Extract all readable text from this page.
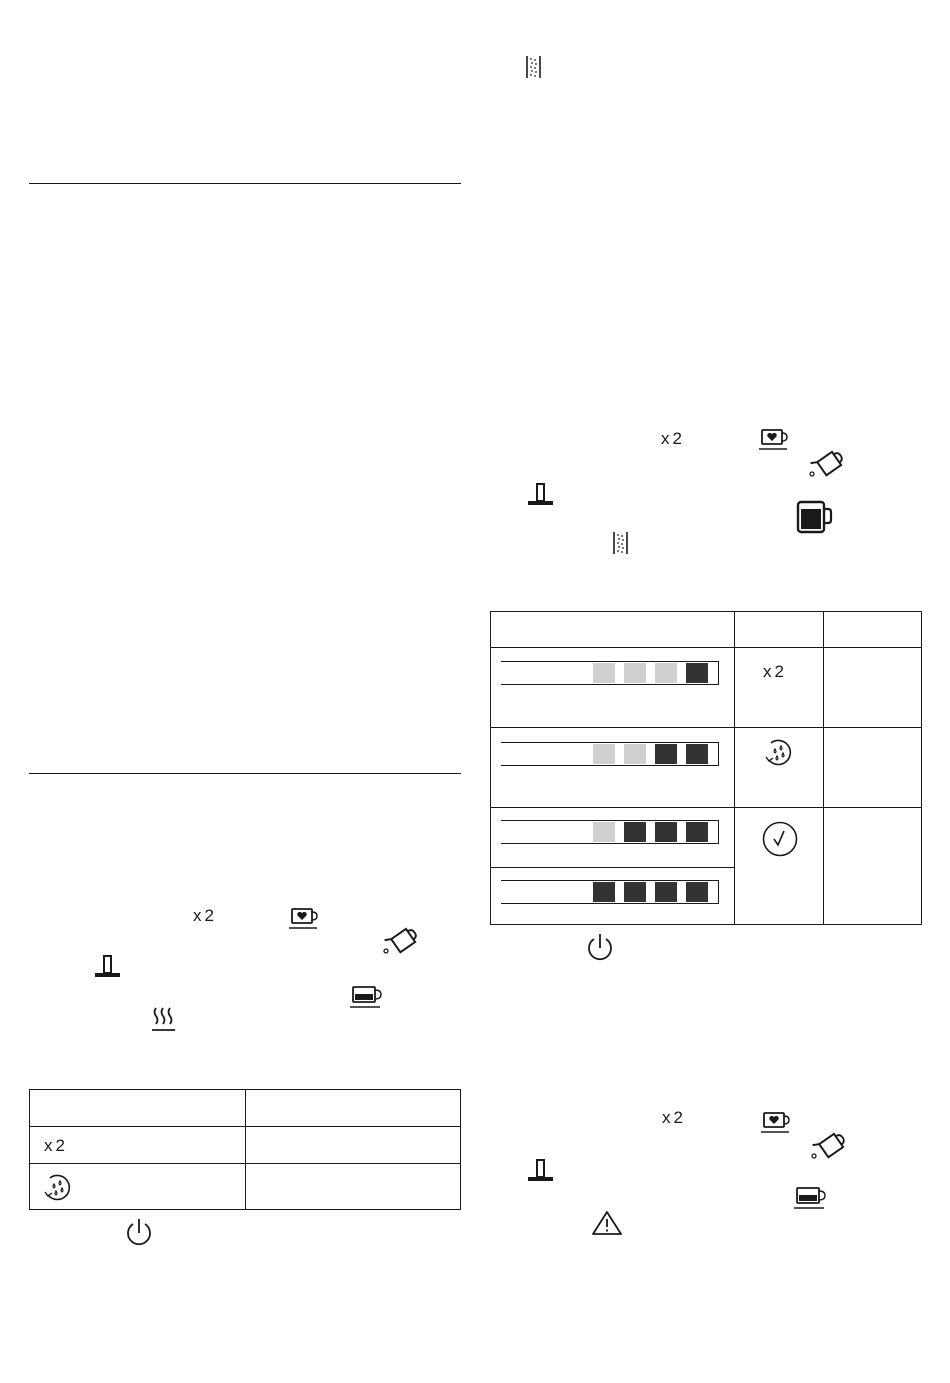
x2

x2	

x2

	x2	

x2
